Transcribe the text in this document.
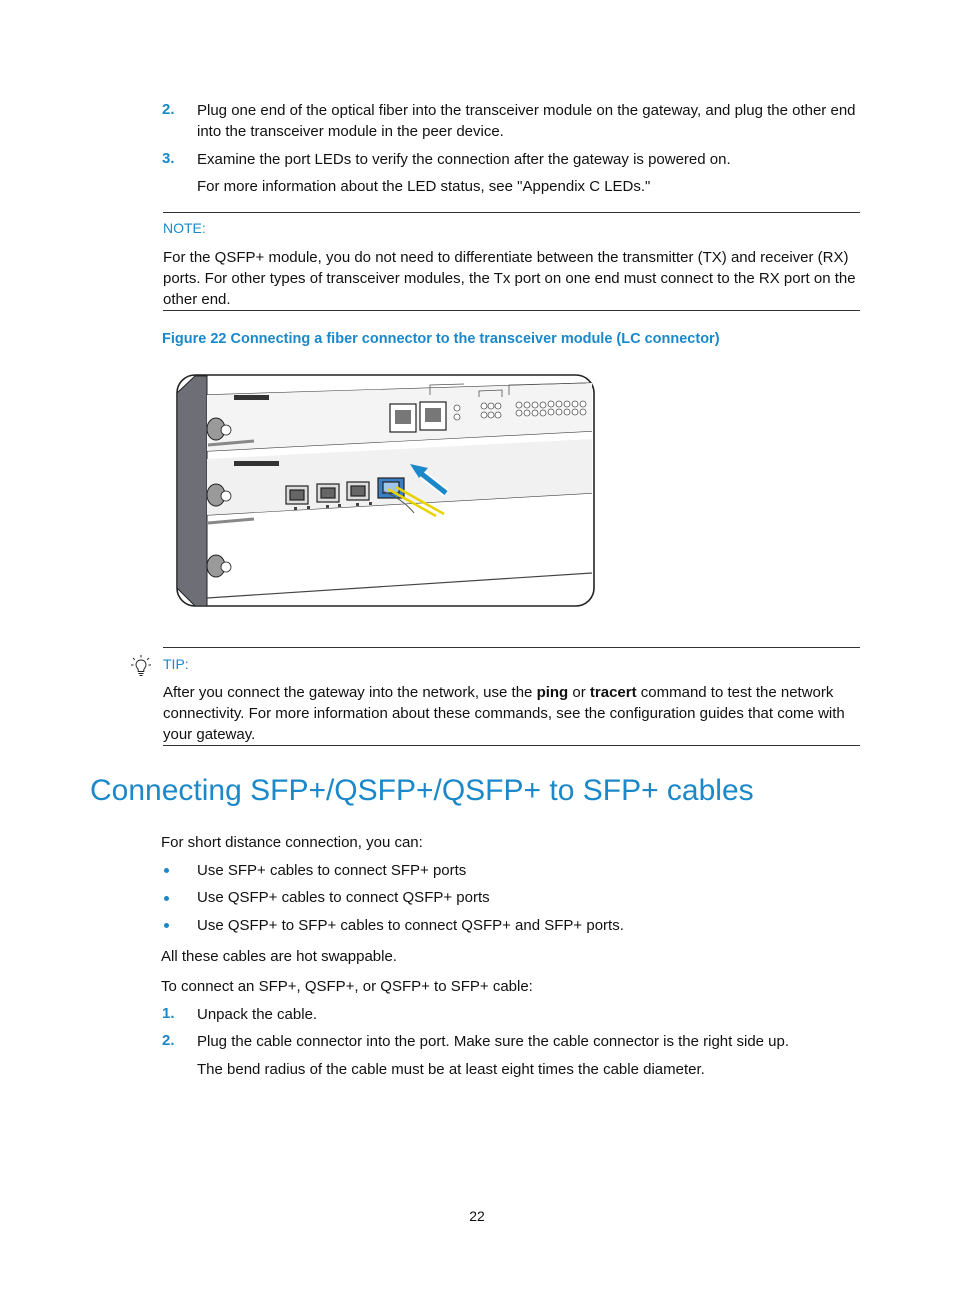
2. Plug one end of the optical fiber into the transceiver module on the gateway, and plug the other end into the transceiver module in the peer device.
3. Examine the port LEDs to verify the connection after the gateway is powered on.
For more information about the LED status, see "Appendix C LEDs."
NOTE:
For the QSFP+ module, you do not need to differentiate between the transmitter (TX) and receiver (RX) ports. For other types of transceiver modules, the Tx port on one end must connect to the RX port on the other end.
Figure 22 Connecting a fiber connector to the transceiver module (LC connector)
TIP:
After you connect the gateway into the network, use the ping or tracert command to test the network connectivity. For more information about these commands, see the configuration guides that come with your gateway.
Connecting SFP+/QSFP+/QSFP+ to SFP+ cables
For short distance connection, you can:
Use SFP+ cables to connect SFP+ ports
Use QSFP+ cables to connect QSFP+ ports
Use QSFP+ to SFP+ cables to connect QSFP+ and SFP+ ports.
All these cables are hot swappable.
To connect an SFP+, QSFP+, or QSFP+ to SFP+ cable:
1. Unpack the cable.
2. Plug the cable connector into the port. Make sure the cable connector is the right side up.
The bend radius of the cable must be at least eight times the cable diameter.
22
